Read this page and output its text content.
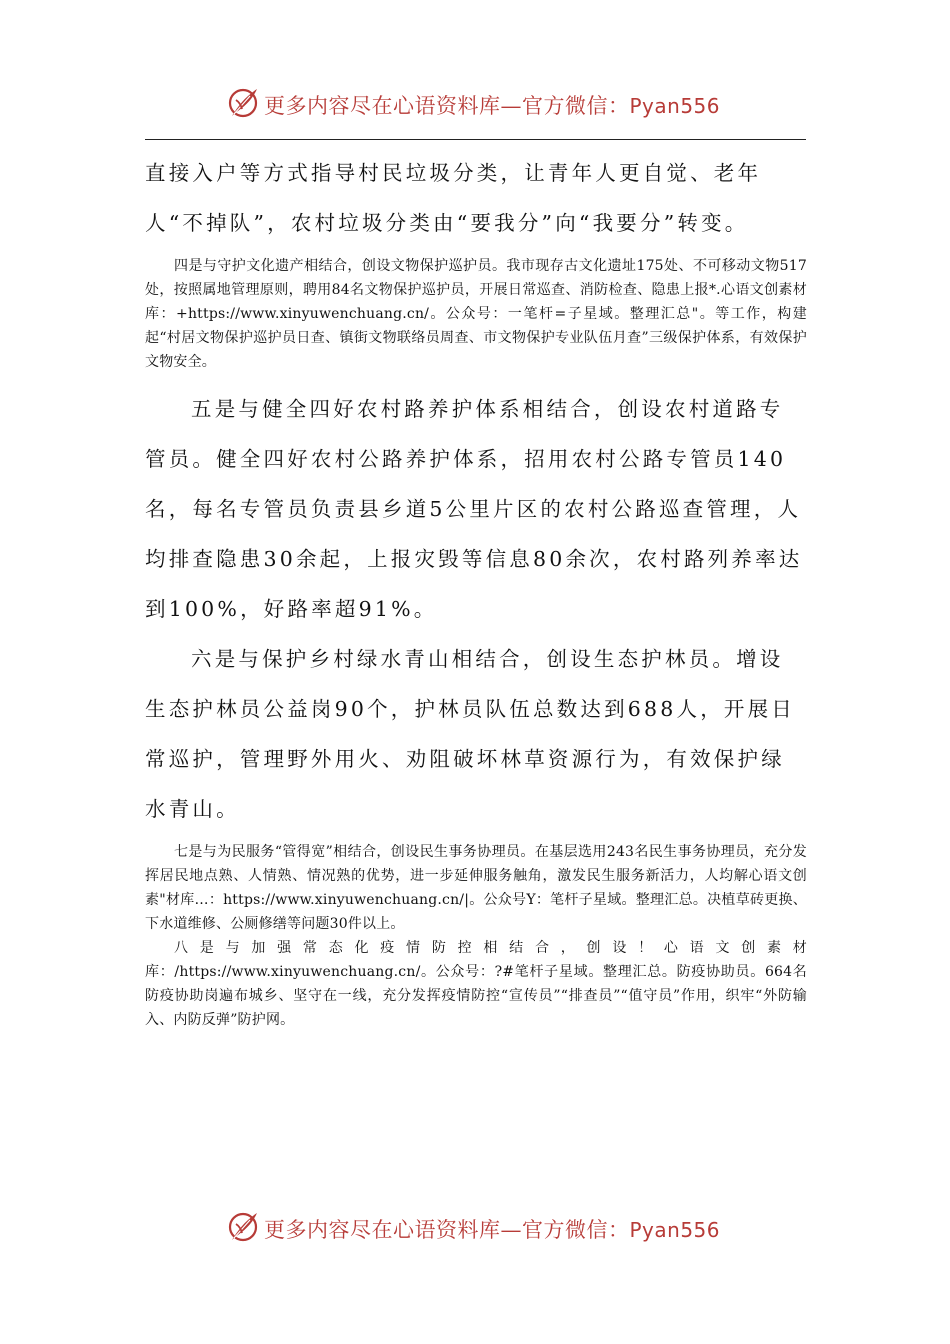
更多内容尽在心语资料库—官方微信：Pyan556

直接入户等方式指导村民垃圾分类，让青年人更自觉、老年人“不掉队”，农村垃圾分类由“要我分”向“我要分”转变。

四是与守护文化遗产相结合，创设文物保护巡护员。我市现存古文化遗址175处、不可移动文物517处，按照属地管理原则，聘用84名文物保护巡护员，开展日常巡查、消防检查、隐患上报*.心语文创素材库：+https://www.xinyuwenchuang.cn/。公众号：一笔杆=子星域。整理汇总"。等工作，构建起“村居文物保护巡护员日查、镇街文物联络员周查、市文物保护专业队伍月查”三级保护体系，有效保护文物安全。

五是与健全四好农村路养护体系相结合，创设农村道路专管员。健全四好农村公路养护体系，招用农村公路专管员140名，每名专管员负责县乡道5公里片区的农村公路巡查管理，人均排查隐患30余起，上报灾毁等信息80余次，农村路列养率达到100%，好路率超91%。

六是与保护乡村绿水青山相结合，创设生态护林员。增设生态护林员公益岗90个，护林员队伍总数达到688人，开展日常巡护，管理野外用火、劝阻破坏林草资源行为，有效保护绿水青山。

七是与为民服务“管得宽”相结合，创设民生事务协理员。在基层选用243名民生事务协理员，充分发挥居民地点熟、人情熟、情况熟的优势，进一步延伸服务触角，激发民生服务新活力，人均解心语文创素"材库…：https://www.xinyuwenchuang.cn/|。公众号Y：笔杆子星域。整理汇总。决植草砖更换、下水道维修、公厕修缮等问题30件以上。

八是与加强常态化疫情防控相结合，创设！心语文创素材库：/https://www.xinyuwenchuang.cn/。公众号：?#笔杆子星域。整理汇总。防疫协助员。664名防疫协助岗遍布城乡、坚守在一线，充分发挥疫情防控“宣传员”“排查员”“值守员”作用，织牢“外防输入、内防反弹”防护网。

更多内容尽在心语资料库—官方微信：Pyan556
